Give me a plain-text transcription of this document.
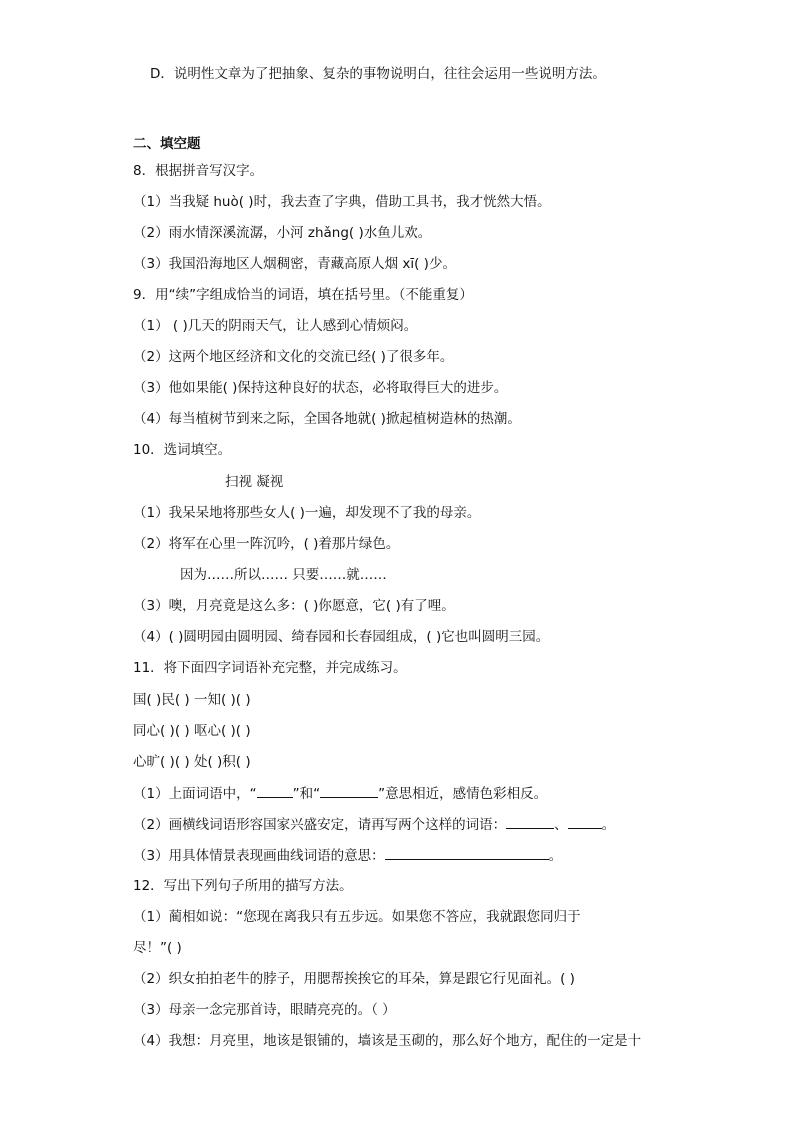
D．说明性文章为了把抽象、复杂的事物说明白，往往会运用一些说明方法。
二、填空题
8．根据拼音写汉字。
（1）当我疑 huò( )时，我去查了字典，借助工具书，我才恍然大悟。
（2）雨水情深溪流潺，小河 zhǎng( )水鱼儿欢。
（3）我国沿海地区人烟稠密，青藏高原人烟 xī( )少。
9．用“续”字组成恰当的词语，填在括号里。（不能重复）
（1） ( )几天的阴雨天气，让人感到心情烦闷。
（2）这两个地区经济和文化的交流已经( )了很多年。
（3）他如果能( )保持这种良好的状态，必将取得巨大的进步。
（4）每当植树节到来之际，全国各地就( )掀起植树造林的热潮。
10．选词填空。
扫视 凝视
（1）我呆呆地将那些女人( )一遍，却发现不了我的母亲。
（2）将军在心里一阵沉吟，( )着那片绿色。
因为……所以…… 只要……就……
（3）噢，月亮竟是这么多：( )你愿意，它( )有了哩。
（4）( )圆明园由圆明园、绮春园和长春园组成，( )它也叫圆明三园。
11．将下面四字词语补充完整，并完成练习。
国( )民( ) 一知( )( )
同心( )( ) 呕心( )( )
心旷( )( ) 处( )积( )
（1）上面词语中，“	”和“	”意思相近，感情色彩相反。
（2）画横线词语形容国家兴盛安定，请再写两个这样的词语：	、	。
（3）用具体情景表现画曲线词语的意思：	。
12．写出下列句子所用的描写方法。
（1）蔺相如说：“您现在离我只有五步远。如果您不答应，我就跟您同归于
尽！”( )
（2）织女拍拍老牛的脖子，用腮帮挨挨它的耳朵，算是跟它行见面礼。( )
（3）母亲一念完那首诗，眼睛亮亮的。（ ）
（4）我想：月亮里，地该是银铺的，墙该是玉砌的，那么好个地方，配住的一定是十
